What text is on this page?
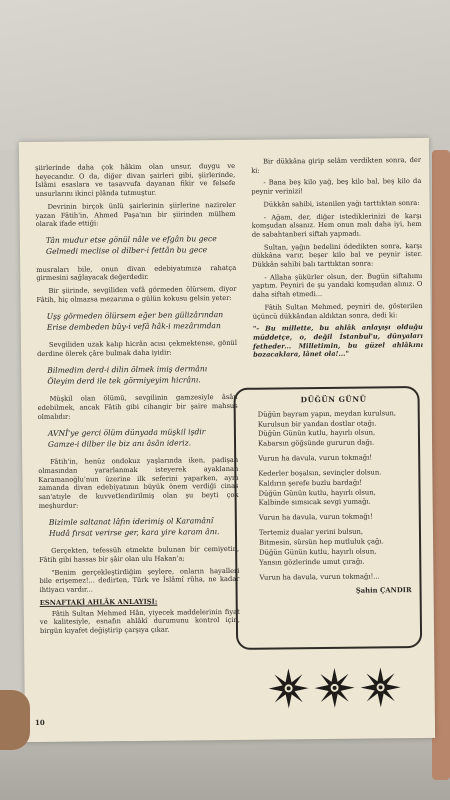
şiirlerinde daha çok hâkim olan unsur, duygu ve heyecandır. O da, diğer divan şairleri gibi, şiirlerinde, İslâmi esaslara ve tasavvufa dayanan fikir ve felsefe unsurlarını ikinci plânda tutmuştur.

Devrinin birçok ünlü şairlerinin şiirlerine nazireler yazan Fâtih'in, Ahmed Paşa'nın bir şiirinden mülhem olarak ifade ettiği:

Tân mudur etse gönül nâle ve efgân bu gece
Gelmedi meclise ol dilber-i fettân bu gece

musraları bile, onun divan edebiyatımıza rahatça girmesini sağlayacak değerdedir.

Bir şiirinde, sevgiliden vefâ görmeden ölürsem, diyor Fâtih, hiç olmazsa mezarıma o gülün kokusu gelsin yeter:

Uşş görmeden ölürsem eğer ben gülizârından
Erise dembeden bûy-i vefâ hâk-i mezârımdan

Sevgiliden uzak kalıp hicrân acısı çekmektense, gönül derdine ölerek çâre bulmak daha iyidir:

Bilmedim derd-i dilin ölmek imiş dermânı
Öleyim derd ile tek görmiyeyim hicrânı.

Müşkil olan ölümü, sevgilinin gamzesiyle âsân edebilmek, ancak Fâtih gibi cihangir bir şaire mahsus olmalıdır:

AVNÎ'ye gerci ölüm dünyada müşkil işdir
Gamze-i dilber ile biz anı âsân ideriz.

Fâtih'in, henüz ondokuz yaşlarında iken, padişah olmasından yararlanmak isteyerek ayaklanan Karamanoğlu'nun üzerine ilk seferini yaparken, aynı zamanda divan edebiyatının büyük önem verdiği cinas san'atıyle de kuvvetlendirilmiş olan şu beyti çok meşhurdur:

Bizimle saltanat lâfın iderimiş ol Karamânî
Hudâ fırsat verirse ger, kara yire karam ânı.

Gerçekten, tefessüh etmekte bulunan bir cemiyetin, Fâtih gibi hassas bir şâir olan ulu Hakan'a;

"Benim gerçekleştirdiğim şeylere, onların hayalleri bile erişemez!... dedirten, Türk ve İslâmî rûha, ne kadar ihtiyacı vardır...

ESNAFTAKİ AHLÂK ANLAYIŞI:

Fâtih Sultan Mehmed Hân, yiyecek maddelerinin fiyat ve kalitesiyle, esnafın ahlâkî durumunu kontrol için, birgün kıyafet değiştirip çarşıya çıkar.

Bir dükkâna girip selâm verdikten sonra, der ki:

- Bana beş kilo yağ, beş kilo bal, beş kilo da peynir verinizi!

Dükkân sahibi, istenilen yağı tarttıktan sonra:

- Ağam, der, diğer istediklerinizi de karşı komşudan alsanız. Hem onun malı daha iyi, hem de sabahtanberi siftah yapmadı.

Sultan, yağın bedelini ödedikten sonra, karşı dükkâna varır, beşer kilo bal ve peynir ister. Dükkân sahibi balı tarttıktan sonra:

- Allaha şükürler olsun, der. Bugün siftahımı yaptım. Peyniri de şu yandaki komşudan alınız. O daha siftah etmedi...

Fâtih Sultan Mehmed, peyniri de, gösterilen üçüncü dükkândan aldıktan sonra, dedi ki:

"- Bu millette, bu ahlâk anlayışı olduğu müddetçe, o, değil İstanbul'u, dünyaları fetheder... Milletimin, bu güzel ahlâkını bozacaklara, lânet ola!..."

DÜĞÜN GÜNÜ
Düğün bayram yapın, meydan kurulsun,
Kurulsun bir yandan dostlar otağı.
Düğün Günün kutlu, hayırlı olsun,
Kabarsın göğsünde gururun dağı.
Vurun ha davula, vurun tokmağı!
Kederler boşalsın, sevinçler dolsun.
Kaldırın şerefe buzlu bardağı!
Düğün Günün kutlu, hayırlı olsun,
Kalbinde sımsıcak sevgi yumağı.
Vurun ha davula, vurun tokmağı!
Tertemiz dualar yerini bulsun,
Bitmesin, sürsün hep mutluluk çağı.
Düğün Günün kutlu, hayırlı olsun,
Yansın gözlerinde umut çırağı.
Vurun ha davula, vurun tokmağı!...
Şahin ÇANDIR
10
